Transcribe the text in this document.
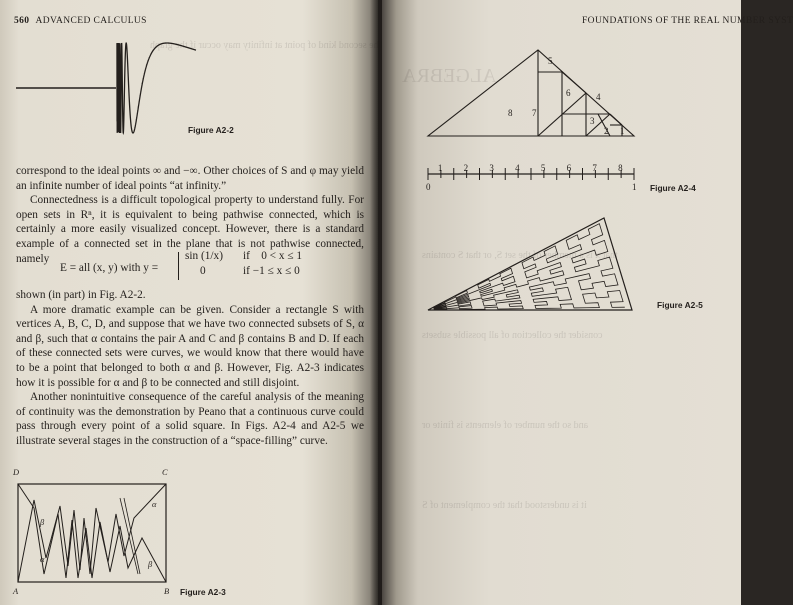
The second kind of point at infinity may occur if the graph
560 ADVANCED CALCULUS
Figure A2-2

correspond to the ideal points ∞ and −∞. Other choices of S and φ may yield an infinite number of ideal points “at infinity.”

Connectedness is a difficult topological property to understand fully. For open sets in Rⁿ, it is equivalent to being pathwise connected, which is certainly a more easily visualized concept. However, there is a standard example of a connected set in the plane that is not pathwise connected, namely

E = all (x, y) with y =
sin (1/x) if    0 < x ≤ 1
0	if −1 ≤ x ≤ 0

shown (in part) in Fig. A2-2.

A more dramatic example can be given. Consider a rectangle S with vertices A, B, C, D, and suppose that we have two connected subsets of S, α and β, such that α contains the pair A and C and β contains B and D. If each of these connected sets were curves, we would know that there would have to be a point that belonged to both α and β. However, Fig. A2-3 indicates how it is possible for α and β to be connected and still disjoint.

Another nonintuitive consequence of the careful analysis of the meaning of continuity was the demonstration by Peano that a continuous curve could pass through every point of a solid square. In Figs. A2-4 and A2-5 we illustrate several stages in the construction of a “space-filling” curve.

D	C
A	B
α
α
β
β
Figure A2-3
ALGEBRA
that x is a member of the set S, or that S contains
consider the collection of all possible subsets
and so the number of elements is finite or
it is understood that the complement of S
FOUNDATIONS OF THE REAL NUMBER SYST
5
6	4
8 7
3
2 1
1 2 3 4 5 6 7 8
0	1 Figure A2-4
Figure A2-5
